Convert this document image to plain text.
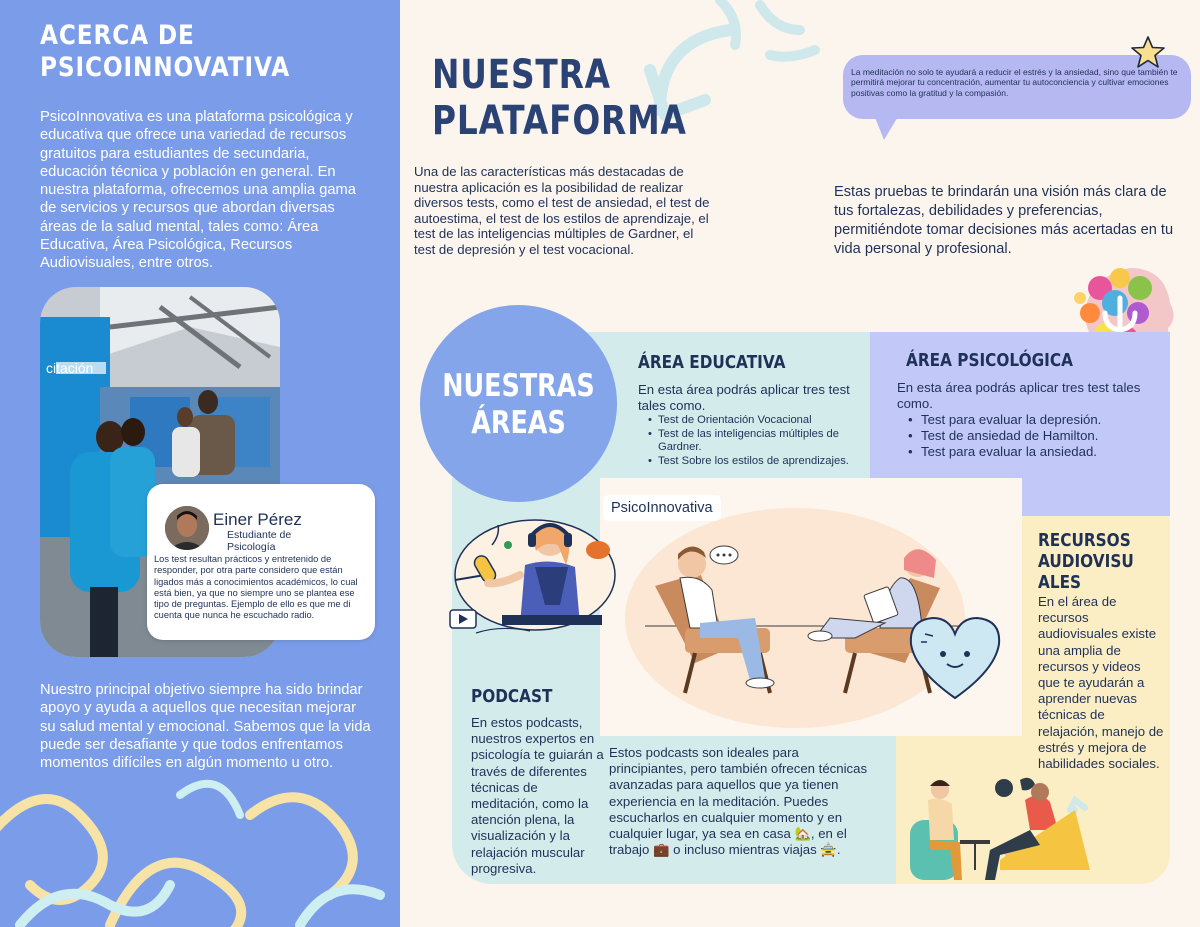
ACERCA DE PSICOINNOVATIVA

PsicoInnovativa es una plataforma psicológica y educativa que ofrece una variedad de recursos gratuitos para estudiantes de secundaria, educación técnica y población en general. En nuestra plataforma, ofrecemos una amplia gama de servicios y recursos que abordan diversas áreas de la salud mental, tales como: Área Educativa, Área Psicológica, Recursos Audiovisuales, entre otros.

citación
Einer Pérez
Estudiante de Psicología

Los test resultan prácticos y entretenido de responder, por otra parte considero que están ligados más a conocimientos académicos, lo cual está bien, ya que no siempre uno se plantea ese tipo de preguntas. Ejemplo de ello es que me di cuenta que nunca he escuchado radio.

Nuestro principal objetivo siempre ha sido brindar apoyo y ayuda a aquellos que necesitan mejorar su salud mental y emocional. Sabemos que la vida puede ser desafiante y que todos enfrentamos momentos difíciles en algún momento u otro.

NUESTRA PLATAFORMA

Una de las características más destacadas de nuestra aplicación es la posibilidad de realizar diversos tests, como el test de ansiedad, el test de autoestima, el test de los estilos de aprendizaje, el test de las inteligencias múltiples de Gardner, el test de depresión y el test vocacional.

La meditación no solo te ayudará a reducir el estrés y la ansiedad, sino que también te permitirá mejorar tu concentración, aumentar tu autoconciencia y cultivar emociones positivas como la gratitud y la compasión.

Estas pruebas te brindarán una visión más clara de tus fortalezas, debilidades y preferencias, permitiéndote tomar decisiones más acertadas en tu vida personal y profesional.

NUESTRAS ÁREAS
ÁREA EDUCATIVA

En esta área podrás aplicar tres test tales como.

• Test de Orientación Vocacional
• Test de las inteligencias múltiples de Gardner.
• Test Sobre los estilos de aprendizajes.
ÁREA PSICOLÓGICA

En esta área podrás aplicar tres test tales como.

• Test para evaluar la depresión.
• Test de ansiedad de Hamilton.
• Test para evaluar la ansiedad.
PsicoInnovativa
PODCAST

En estos podcasts, nuestros expertos en psicología te guiarán a través de diferentes técnicas de meditación, como la atención plena, la visualización y la relajación muscular progresiva.

Estos podcasts son ideales para principiantes, pero también ofrecen técnicas avanzadas para aquellos que ya tienen experiencia en la meditación. Puedes escucharlos en cualquier momento y en cualquier lugar, ya sea en casa 🏡, en el trabajo 💼 o incluso mientras viajas 🚖.

RECURSOS AUDIOVISUALES

En el área de recursos audiovisuales existe una amplia de recursos y videos que te ayudarán a aprender nuevas técnicas de relajación, manejo de estrés y mejora de habilidades sociales.
